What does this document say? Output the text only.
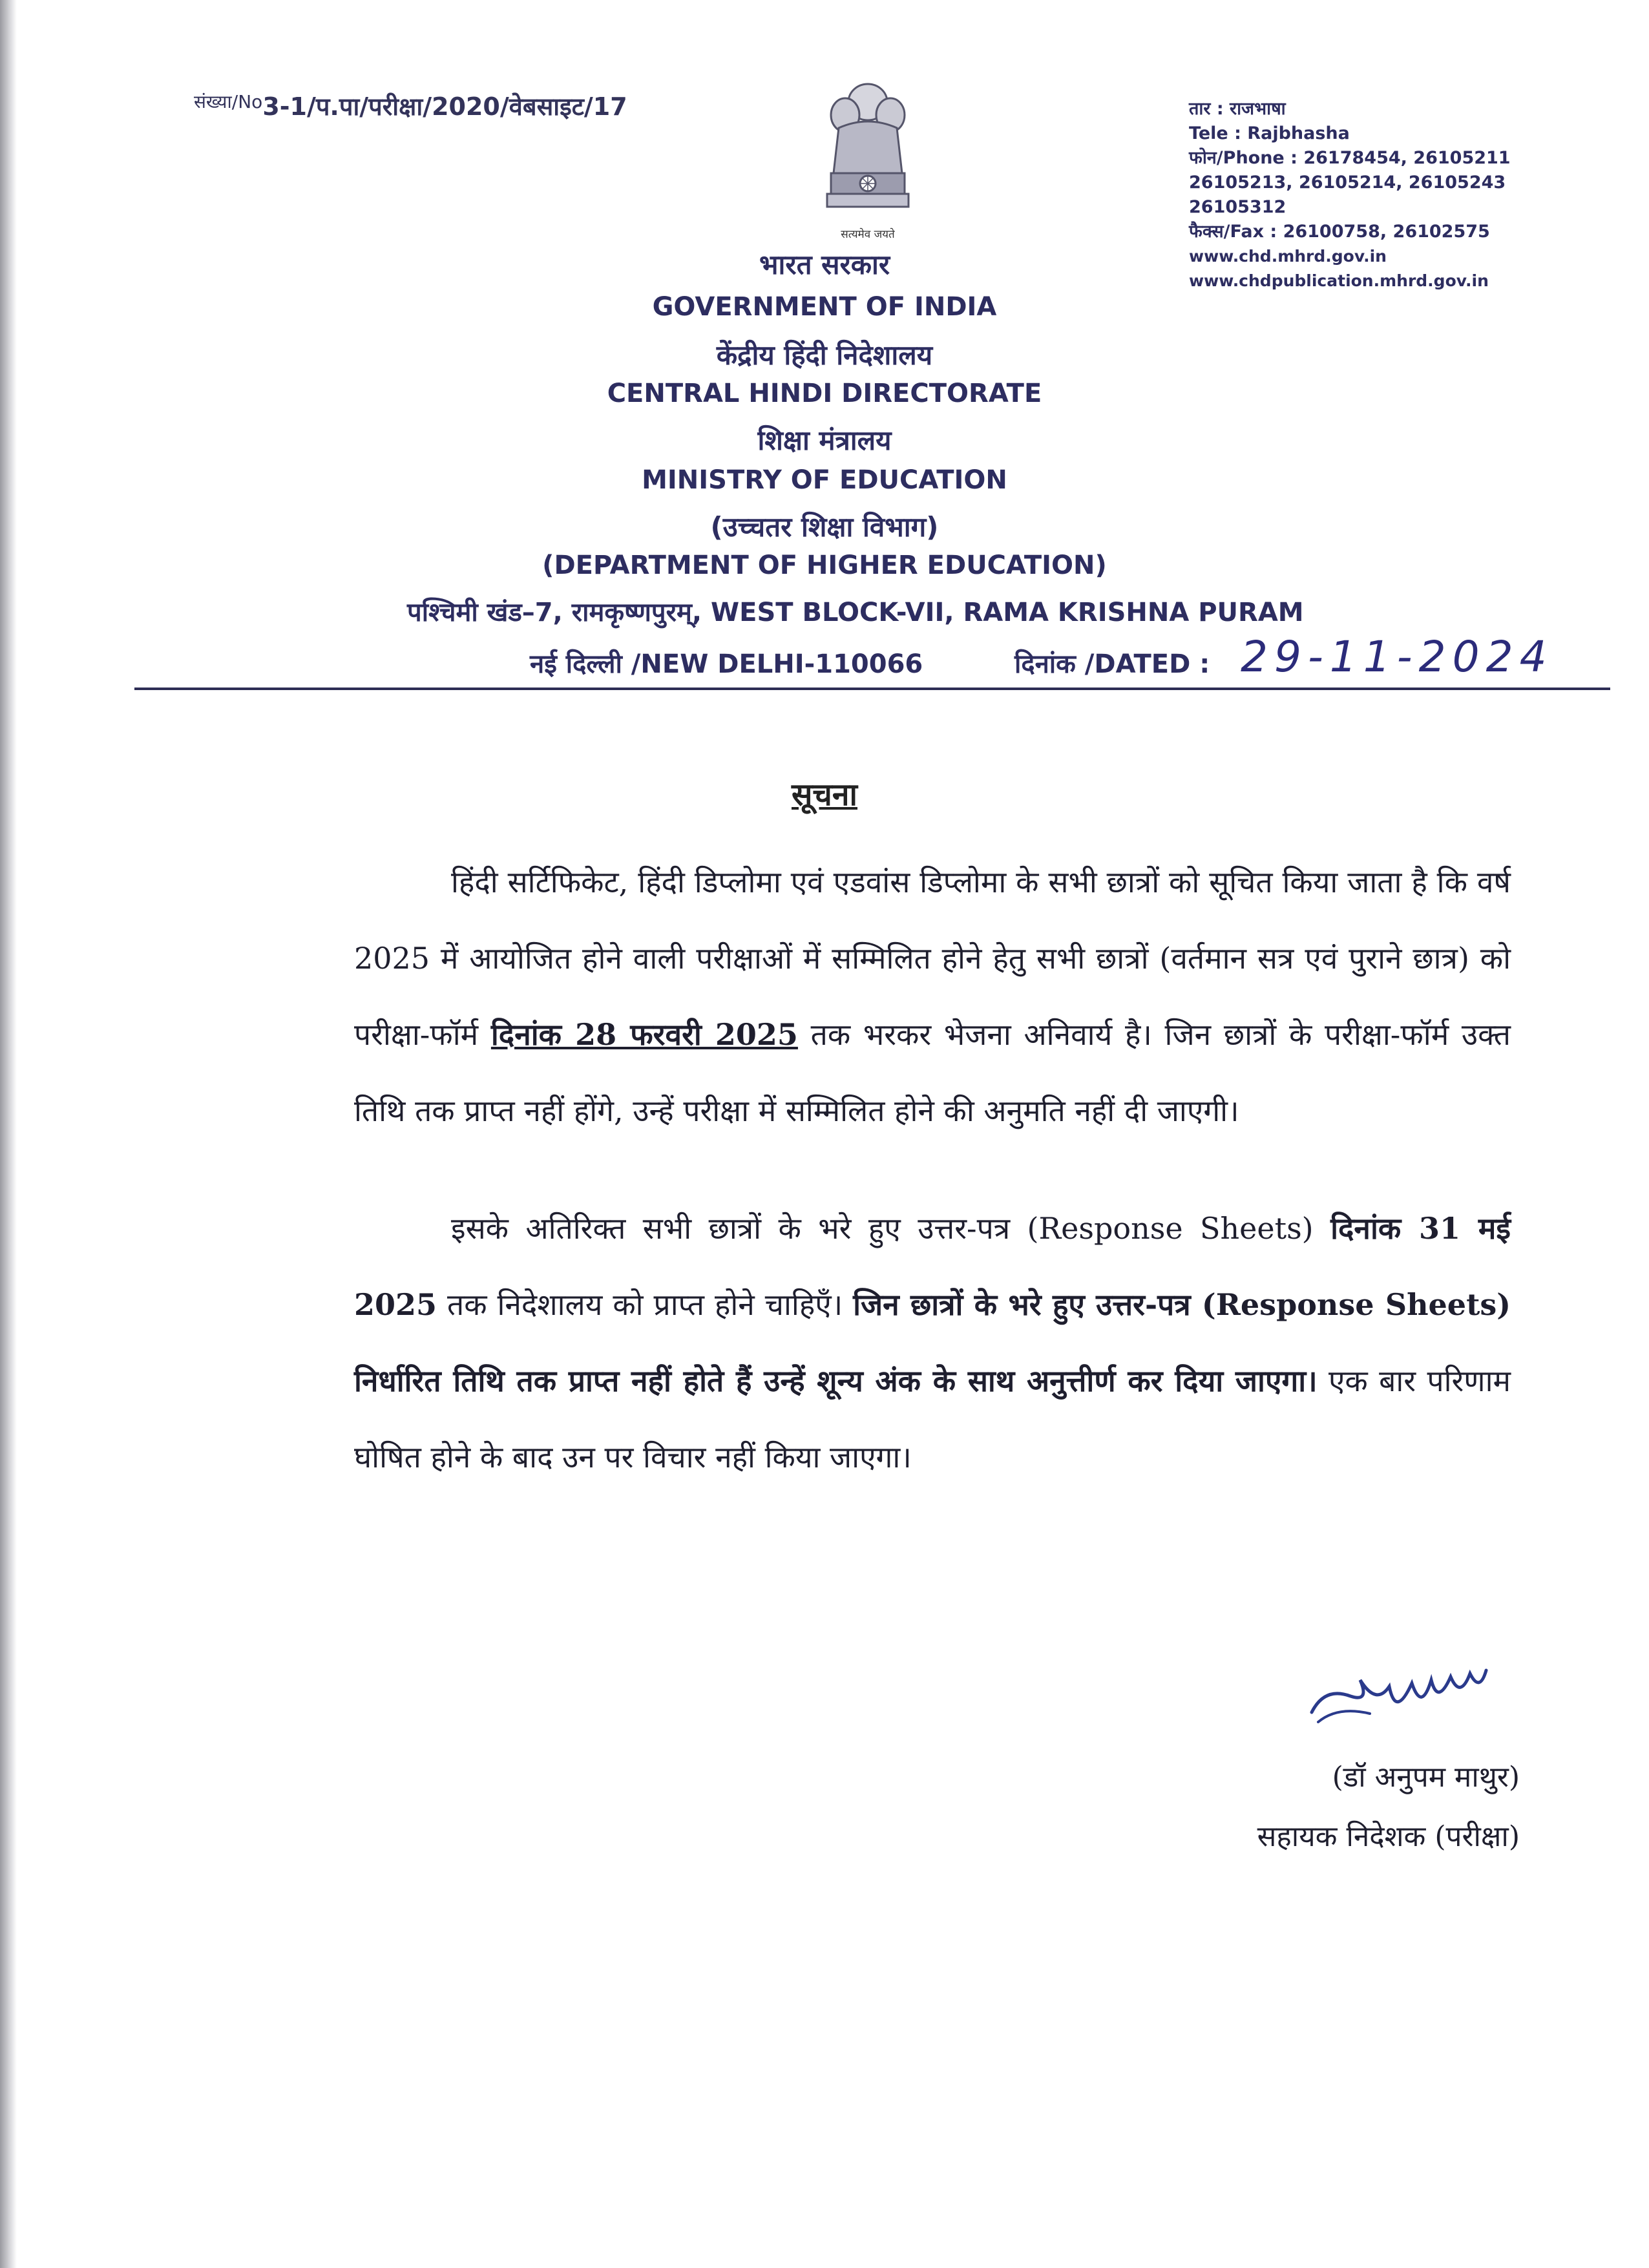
$^{संख्या/No}$3-1/प.पा/परीक्षा/2020/वेबसाइट/17
सत्यमेव जयते
तार : राजभाषा
Tele : Rajbhasha
फोन/Phone : 26178454, 26105211
26105213, 26105214, 26105243
26105312
फैक्स/Fax : 26100758, 26102575
www.chd.mhrd.gov.in
www.chdpublication.mhrd.gov.in
भारत सरकार
GOVERNMENT OF INDIA
केंद्रीय हिंदी निदेशालय
CENTRAL HINDI DIRECTORATE
शिक्षा मंत्रालय
MINISTRY OF EDUCATION
(उच्चतर शिक्षा विभाग)
(DEPARTMENT OF HIGHER EDUCATION)
पश्चिमी खंड–7, रामकृष्णपुरम्, WEST BLOCK-VII, RAMA KRISHNA PURAM
नई दिल्ली /NEW DELHI-110066	दिनांक /DATED : 29-11-2024
सूचना
हिंदी सर्टिफिकेट, हिंदी डिप्लोमा एवं एडवांस डिप्लोमा के सभी छात्रों को सूचित किया जाता है कि वर्ष 2025 में आयोजित होने वाली परीक्षाओं में सम्मिलित होने हेतु सभी छात्रों (वर्तमान सत्र एवं पुराने छात्र) को परीक्षा-फॉर्म दिनांक 28 फरवरी 2025 तक भरकर भेजना अनिवार्य है। जिन छात्रों के परीक्षा-फॉर्म उक्त तिथि तक प्राप्त नहीं होंगे, उन्हें परीक्षा में सम्मिलित होने की अनुमति नहीं दी जाएगी।
इसके अतिरिक्त सभी छात्रों के भरे हुए उत्तर-पत्र (Response Sheets) दिनांक 31 मई 2025 तक निदेशालय को प्राप्त होने चाहिएँ। जिन छात्रों के भरे हुए उत्तर-पत्र (Response Sheets) निर्धारित तिथि तक प्राप्त नहीं होते हैं उन्हें शून्य अंक के साथ अनुत्तीर्ण कर दिया जाएगा। एक बार परिणाम घोषित होने के बाद उन पर विचार नहीं किया जाएगा।
(डॉ अनुपम माथुर)
सहायक निदेशक (परीक्षा)
